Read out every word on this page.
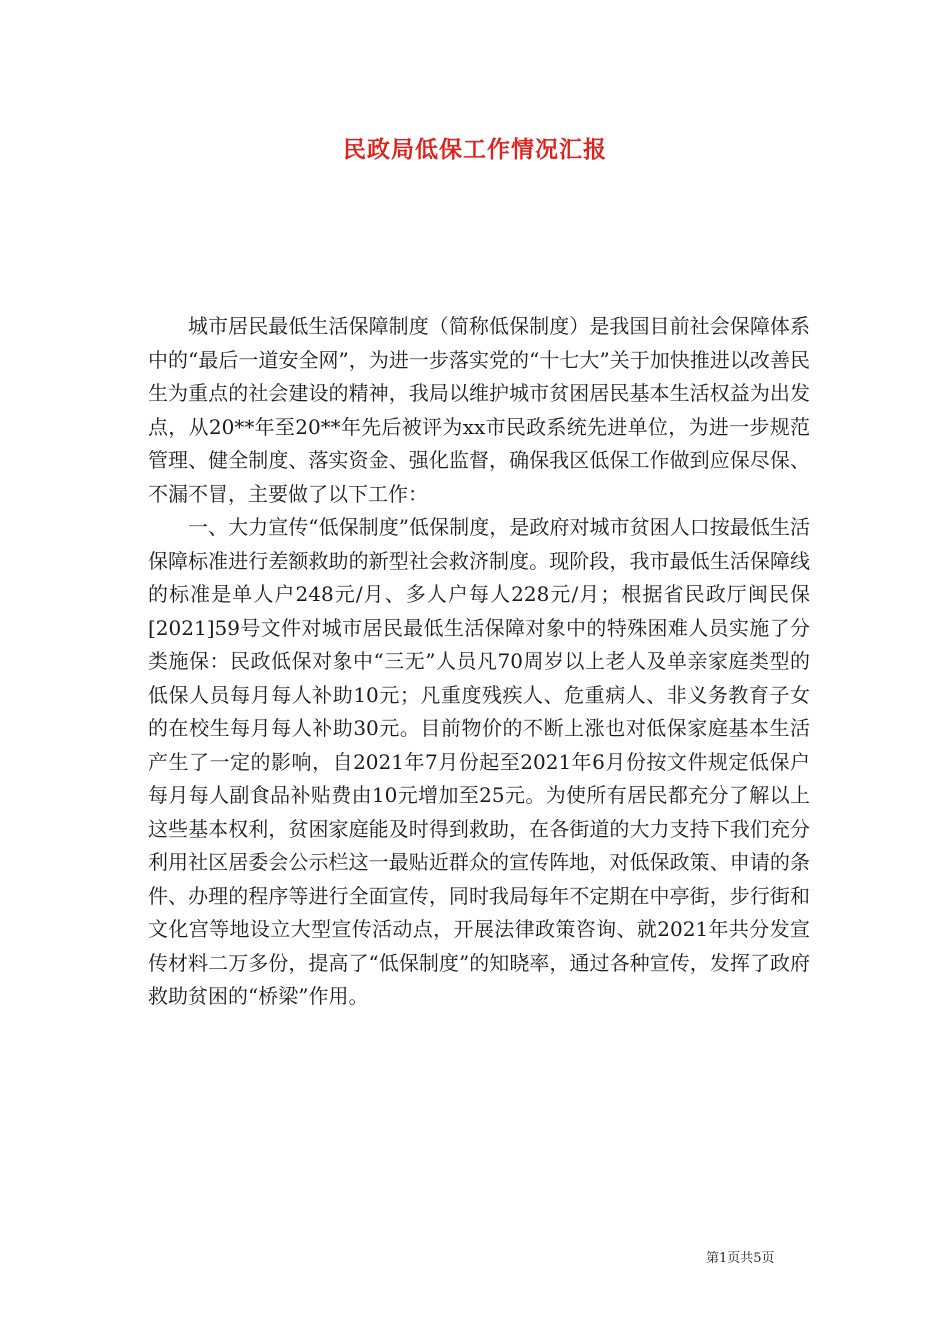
民政局低保工作情况汇报

城市居民最低生活保障制度（简称低保制度）是我国目前社会保障体系中的“最后一道安全网”，为进一步落实党的“十七大”关于加快推进以改善民生为重点的社会建设的精神，我局以维护城市贫困居民基本生活权益为出发点，从20**年至20**年先后被评为xx市民政系统先进单位，为进一步规范管理、健全制度、落实资金、强化监督，确保我区低保工作做到应保尽保、不漏不冒，主要做了以下工作：

一、大力宣传“低保制度”低保制度，是政府对城市贫困人口按最低生活保障标准进行差额救助的新型社会救济制度。现阶段，我市最低生活保障线的标准是单人户248元/月、多人户每人228元/月；根据省民政厅闽民保[2021]59号文件对城市居民最低生活保障对象中的特殊困难人员实施了分类施保：民政低保对象中“三无”人员凡70周岁以上老人及单亲家庭类型的低保人员每月每人补助10元；凡重度残疾人、危重病人、非义务教育子女的在校生每月每人补助30元。目前物价的不断上涨也对低保家庭基本生活产生了一定的影响，自2021年7月份起至2021年6月份按文件规定低保户每月每人副食品补贴费由10元增加至25元。为使所有居民都充分了解以上这些基本权利，贫困家庭能及时得到救助，在各街道的大力支持下我们充分利用社区居委会公示栏这一最贴近群众的宣传阵地，对低保政策、申请的条件、办理的程序等进行全面宣传，同时我局每年不定期在中亭街，步行街和文化宫等地设立大型宣传活动点，开展法律政策咨询、就2021年共分发宣传材料二万多份，提高了“低保制度”的知晓率，通过各种宣传，发挥了政府救助贫困的“桥梁”作用。

第1页共5页
